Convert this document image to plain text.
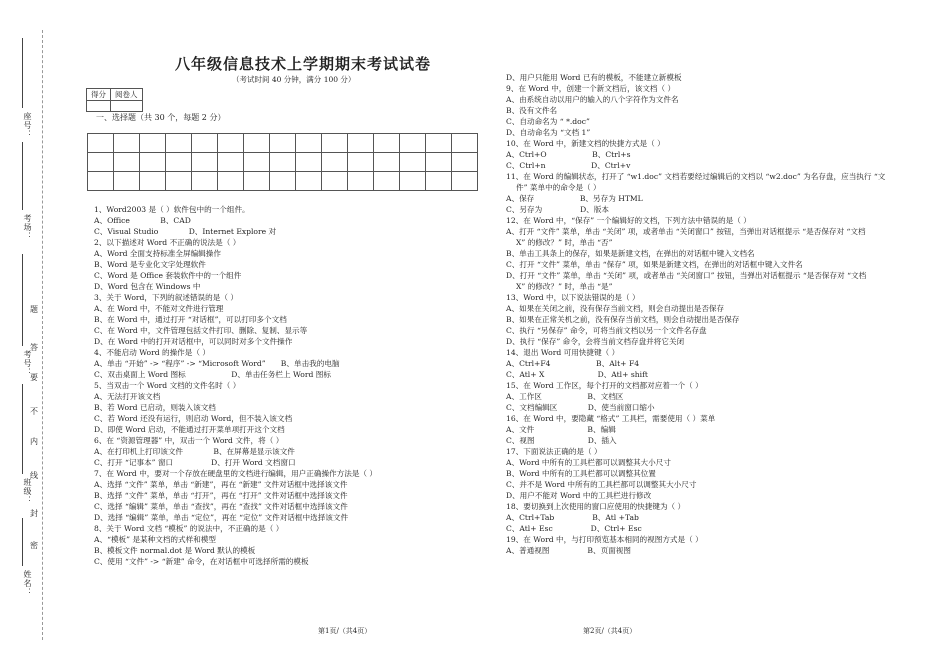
座号：
考场：
考号：
班级：
姓名：
题
答
要
不
内
线
封
密
八年级信息技术上学期期末考试试卷
（考试时间 40 分钟，满分 100 分）
得分	阅卷人

一、选择题（共 30 个，每题 2 分）

1、Word2003 是（ ）软件包中的一个组件。
A、Office　　　　B、CAD
C、Visual Studio　　　　D、Internet Explore 对
2、以下描述对 Word 不正确的说法是（ ）
A、Word 全面支持标准全屏编辑操作
B、Word 是专业化文字处理软件
C、Word 是 Office 套装软件中的一个组件
D、Word 包含在 Windows 中
3、关于 Word，下列的叙述错误的是（ ）
A、在 Word 中，不能对文件进行管理
B、在 Word 中，通过打开 “对话框”，可以打印多个文档
C、在 Word 中，文件管理包括文件打印、删除、复制、显示等
D、在 Word 中的打开对话框中，可以同时对多个文件操作
4、不能启动 Word 的操作是（ ）
A、单击 “开始” -> “程序” -> “Microsoft Word”　　B、单击我的电脑
C、双击桌面上 Word 图标　　　　　　D、单击任务栏上 Word 图标
5、当双击一个 Word 文档的文件名时（ ）
A、无法打开该文档
B、若 Word 已启动，则装入该文档
C、若 Word 还没有运行，则启动 Word，但不装入该文档
D、即使 Word 启动，不能通过打开菜单项打开这个文档
6、在 “资源管理器” 中，双击一个 Word 文件，将（ ）
A、在打印机上打印该文件　　　　B、在屏幕是显示该文件
C、打开 “记事本” 窗口　　　　　D、打开 Word 文档窗口
7、在 Word 中，要对一个存放在硬盘里的文档进行编辑，用户正确操作方法是（ ）
A、选择 “文件” 菜单，单击 “新建”，再在 “新建” 文件对话框中选择该文件
B、选择 “文件” 菜单，单击 “打开”，再在 “打开” 文件对话框中选择该文件
C、选择 “编辑” 菜单，单击 “查找”，再在 “查找” 文件对话框中选择该文件
D、选择 “编辑” 菜单，单击 “定位”，再在 “定位” 文件对话框中选择该文件
8、关于 Word 文档 “模板” 的说法中，不正确的是（ ）
A、“模板” 是某种文档的式样和模型
B、模板文件 normal.dot 是 Word 默认的模板
C、使用 “文件” -> “新建” 命令，在对话框中可选择所需的模板
D、用户只能用 Word 已有的模板，不能建立新模板
9、在 Word 中，创建一个新文档后，该文档（ ）
A、由系统自动以用户的输入的八个字符作为文件名
B、没有文件名
C、自动命名为 “ *.doc”
D、自动命名为 “文档 1”
10、在 Word 中，新建文档的快捷方式是（ ）
A、Ctrl+O　　　　　　B、Ctrl+s
C、Ctrl+n　　　　　　D、Ctrl+v
11、在 Word 的编辑状态，打开了 “w1.doc” 文档若要经过编辑后的文档以 “w2.doc” 为名存盘，应当执行 “文
件” 菜单中的命令是（ ）
A、保存　　　　　　B、另存为 HTML
C、另存为　　　　　D、版本
12、在 Word 中，“保存” 一个编辑好的文档，下列方法中错误的是（ ）
A、打开 “文件” 菜单，单击 “关闭” 项，或者单击 “关闭窗口” 按钮，当弹出对话框提示 “是否保存对 “文档
X” 的修改？” 时，单击 “否”
B、单击工具条上的保存，如果是新建文档，在弹出的对话框中键入文档名
C、打开 “文件” 菜单，单击 “保存” 项，如果是新建文档，在弹出的对话框中键入文件名
D、打开 “文件” 菜单，单击 “关闭” 项，或者单击 “关闭窗口” 按钮，当弹出对话框提示 “是否保存对 “文档
X” 的修改？” 时，单击 “是”
13、Word 中，以下说法错误的是（ ）
A、如果在关闭之前，没有保存当前文档，则会自动提出是否保存
B、如果在正常关机之前，没有保存当前文档，则会自动提出是否保存
C、执行 “另保存” 命令，可将当前文档以另一个文件名存盘
D、执行 “保存” 命令，会将当前文档存盘并将它关闭
14、退出 Word 可用快捷键（ ）
A、Ctrl+F4　　　　　　B、Alt+ F4
C、Atl+ X　　　　　　　D、Atl+ shift
15、在 Word 工作区，每个打开的文档都对应着一个（ ）
A、工作区　　　　　　B、文档区
C、文档编辑区　　　　D、使当前窗口缩小
16、在 Word 中，要隐藏 “格式” 工具栏，需要使用（ ）菜单
A、文件　　　　　　　B、编辑
C、视图　　　　　　　D、插入
17、下面说法正确的是（ ）
A、Word 中所有的工具栏都可以调整其大小尺寸
B、Word 中所有的工具栏都可以调整其位置
C、并不是 Word 中所有的工具栏都可以调整其大小尺寸
D、用户不能对 Word 中的工具栏进行修改
18、要切换到上次使用的窗口应使用的快捷键为（ ）
A、Ctrl+Tab　　　　　B、Atl +Tab
C、Atl+ Esc　　　　　D、Ctrl+ Esc
19、在 Word 中，与打印预览基本相同的视图方式是（ ）
A、普通视图　　　　　B、页面视图
第1页/（共4页）	第2页/（共4页）
